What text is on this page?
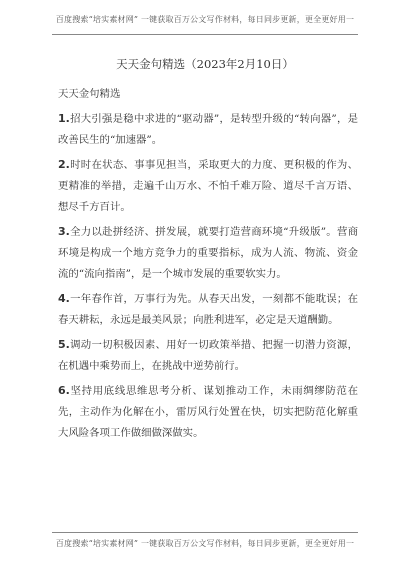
百度搜索“培实素材网” 一键获取百万公文写作材料，每日同步更新，更全更好用一
天天金句精选（2023年2月10日）
天天金句精选

1.招大引强是稳中求进的“驱动器”，是转型升级的“转向器”，是改善民生的“加速器”。

2.时时在状态、事事见担当，采取更大的力度、更积极的作为、更精准的举措，走遍千山万水、不怕千难万险、道尽千言万语、想尽千方百计。

3.全力以赴拼经济、拼发展，就要打造营商环境“升级版”。营商环境是构成一个地方竞争力的重要指标，成为人流、物流、资金流的“流向指南”，是一个城市发展的重要软实力。

4.一年春作首，万事行为先。从春天出发，一刻都不能耽误；在春天耕耘，永远是最美风景；向胜利进军，必定是天道酬勤。

5.调动一切积极因素、用好一切政策举措、把握一切潜力资源，在机遇中乘势而上，在挑战中逆势前行。

6.坚持用底线思维思考分析、谋划推动工作，未雨绸缪防范在先，主动作为化解在小，雷厉风行处置在快，切实把防范化解重大风险各项工作做细做深做实。

百度搜索“培实素材网” 一键获取百万公文写作材料，每日同步更新，更全更好用一
